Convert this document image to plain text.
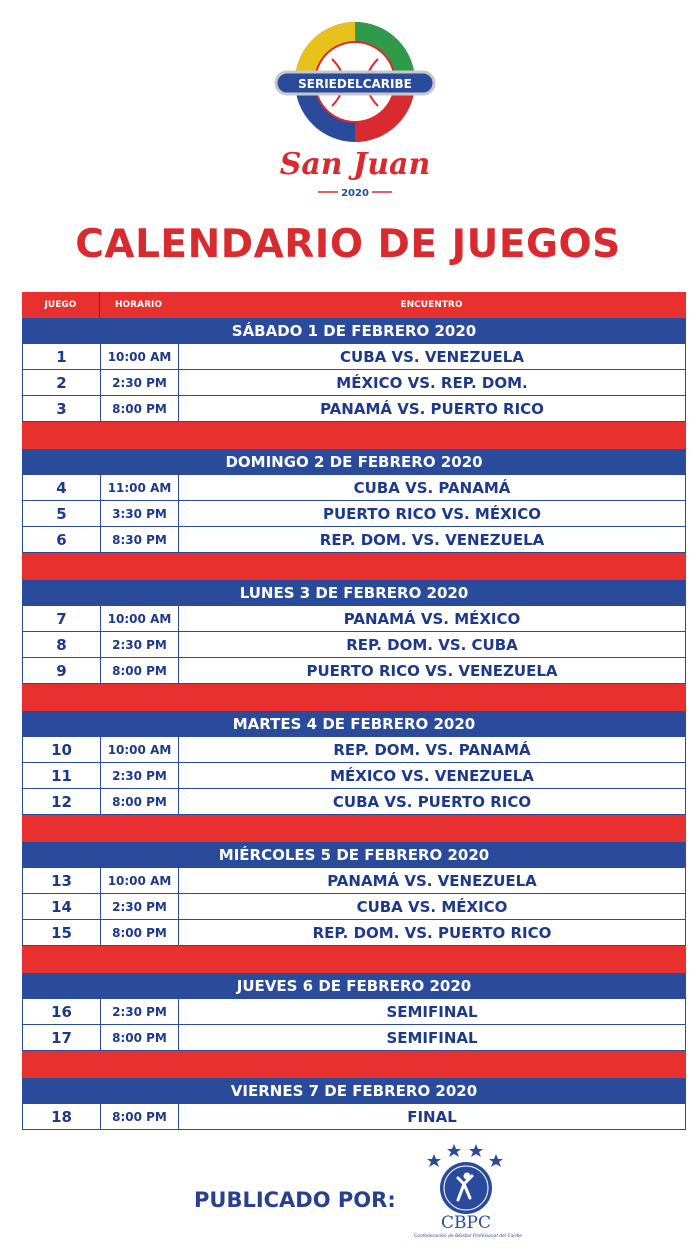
SERIEDELCARIBE
San Juan
2020
CALENDARIO DE JUEGOS
JUEGO	HORARIO	ENCUENTRO
SÁBADO 1 DE FEBRERO 2020
1	10:00 AM	CUBA VS. VENEZUELA
2	2:30 PM	MÉXICO VS. REP. DOM.
3	8:00 PM	PANAMÁ VS. PUERTO RICO
DOMINGO 2 DE FEBRERO 2020
4	11:00 AM	CUBA VS. PANAMÁ
5	3:30 PM	PUERTO RICO VS. MÉXICO
6	8:30 PM	REP. DOM. VS. VENEZUELA
LUNES 3 DE FEBRERO 2020
7	10:00 AM	PANAMÁ VS. MÉXICO
8	2:30 PM	REP. DOM. VS. CUBA
9	8:00 PM	PUERTO RICO VS. VENEZUELA
MARTES 4 DE FEBRERO 2020
10	10:00 AM	REP. DOM. VS. PANAMÁ
11	2:30 PM	MÉXICO VS. VENEZUELA
12	8:00 PM	CUBA VS. PUERTO RICO
MIÉRCOLES 5 DE FEBRERO 2020
13	10:00 AM	PANAMÁ VS. VENEZUELA
14	2:30 PM	CUBA VS. MÉXICO
15	8:00 PM	REP. DOM. VS. PUERTO RICO
JUEVES 6 DE FEBRERO 2020
16	2:30 PM	SEMIFINAL
17	8:00 PM	SEMIFINAL
VIERNES 7 DE FEBRERO 2020
18	8:00 PM	FINAL
PUBLICADO POR:
CBPC
Confederación de Béisbol Profesional del Caribe
